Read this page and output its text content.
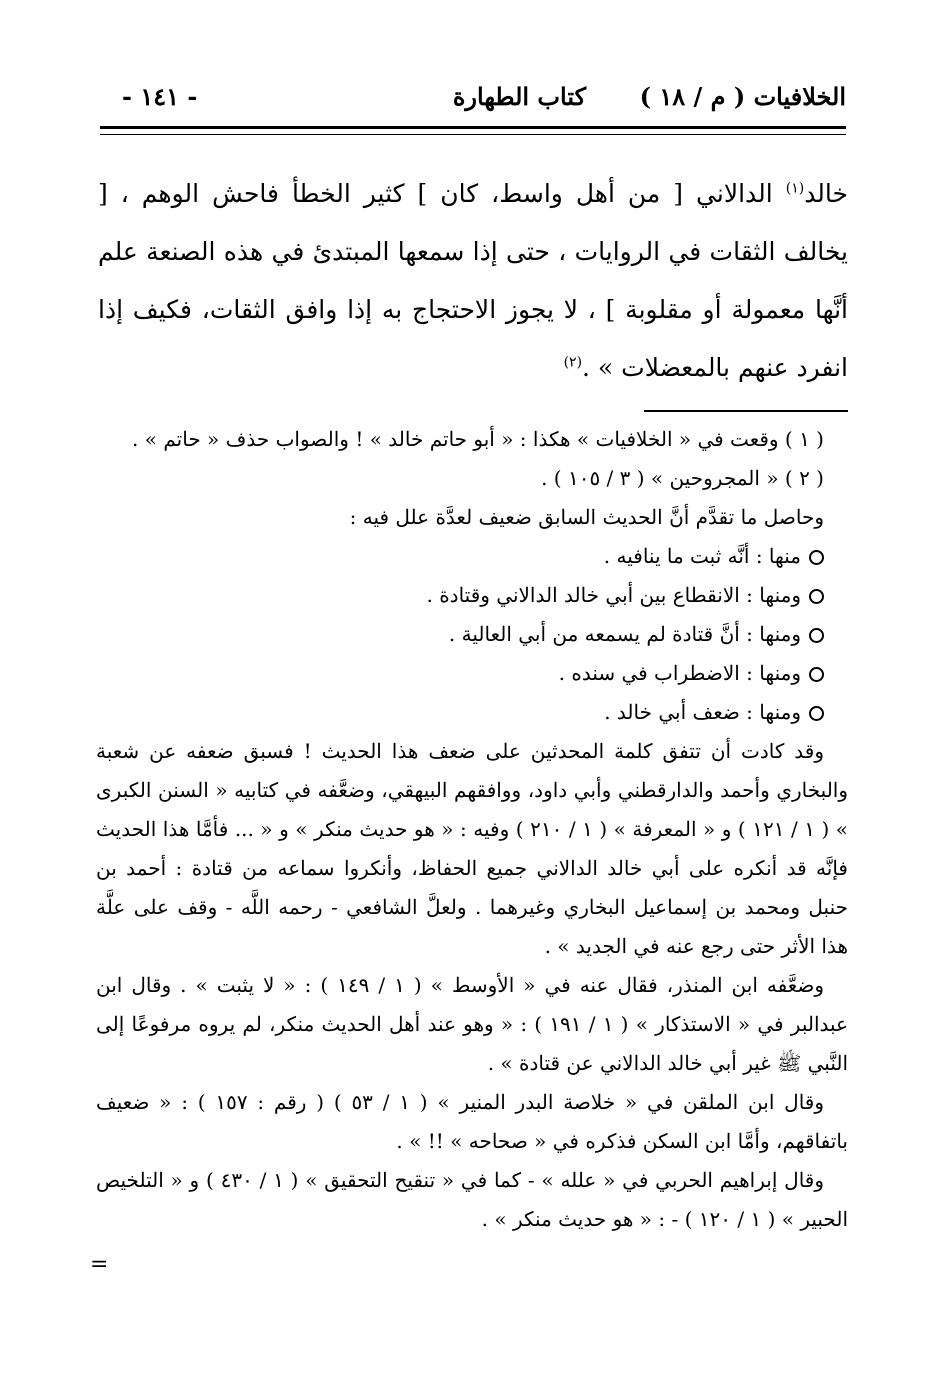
الخلافيات ( م / ١٨ )
كتاب الطهارة
- ١٤١ -

خالد$^{(١)}$ الدالاني [ من أهل واسط، كان ] كثير الخطأ فاحش الوهم ، [ يخالف الثقات في الروايات ، حتى إذا سمعها المبتدئ في هذه الصنعة علم أنَّها معمولة أو مقلوبة ] ، لا يجوز الاحتجاج به إذا وافق الثقات، فكيف إذا انفرد عنهم بالمعضلات » .$^{(٢)}$

( ١ ) وقعت في « الخلافيات » هكذا : « أبو حاتم خالد » ! والصواب حذف « حاتم » .

( ٢ ) « المجروحين » ( ٣ / ١٠٥ ) .

وحاصل ما تقدَّم أنَّ الحديث السابق ضعيف لعدَّة علل فيه :

منها : أنَّه ثبت ما ينافيه .

ومنها : الانقطاع بين أبي خالد الدالاني وقتادة .

ومنها : أنَّ قتادة لم يسمعه من أبي العالية .

ومنها : الاضطراب في سنده .

ومنها : ضعف أبي خالد .

وقد كادت أن تتفق كلمة المحدثين على ضعف هذا الحديث ! فسبق ضعفه عن شعبة والبخاري وأحمد والدارقطني وأبي داود، ووافقهم البيهقي، وضعَّفه في كتابيه « السنن الكبرى » ( ١ / ١٢١ ) و « المعرفة » ( ١ / ٢١٠ ) وفيه : « هو حديث منكر » و « ... فأمَّا هذا الحديث فإنَّه قد أنكره على أبي خالد الدالاني جميع الحفاظ، وأنكروا سماعه من قتادة : أحمد بن حنبل ومحمد بن إسماعيل البخاري وغيرهما . ولعلَّ الشافعي - رحمه اللَّه - وقف على علَّة هذا الأثر حتى رجع عنه في الجديد » .

وضعَّفه ابن المنذر، فقال عنه في « الأوسط » ( ١ / ١٤٩ ) : « لا يثبت » . وقال ابن عبدالبر في « الاستذكار » ( ١ / ١٩١ ) : « وهو عند أهل الحديث منكر، لم يروه مرفوعًا إلى النَّبي ﷺ غير أبي خالد الدالاني عن قتادة » .

وقال ابن الملقن في « خلاصة البدر المنير » ( ١ / ٥٣ ) ( رقم : ١٥٧ ) : « ضعيف باتفاقهم، وأمَّا ابن السكن فذكره في « صحاحه » !! » .

وقال إبراهيم الحربي في « علله » - كما في « تنقيح التحقيق » ( ١ / ٤٣٠ ) و « التلخيص الحبير » ( ١ / ١٢٠ ) - : « هو حديث منكر » .

=
